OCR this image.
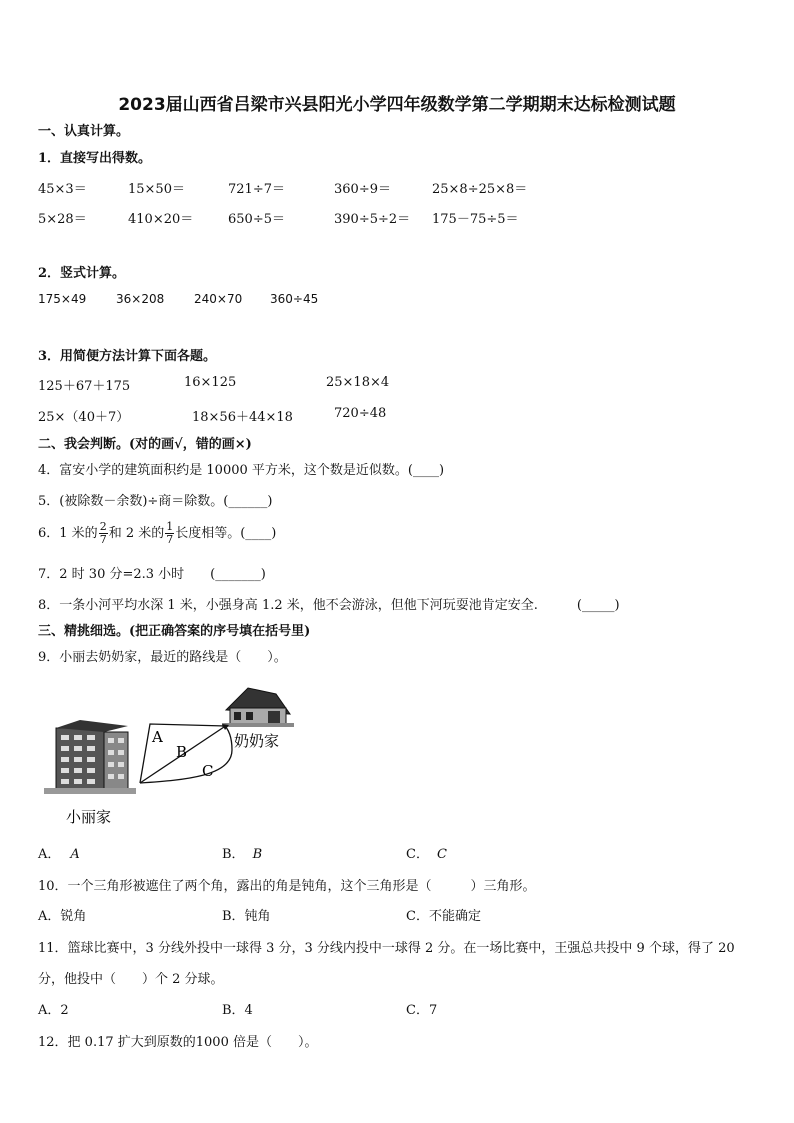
2023届山西省吕梁市兴县阳光小学四年级数学第二学期期末达标检测试题
一、认真计算。
1．直接写出得数。
45×3＝	15×50＝	721÷7＝	360÷9＝	25×8÷25×8＝
5×28＝	410×20＝	650÷5＝	390÷5÷2＝ 175－75÷5＝
2．竖式计算。
175×49 36×208 240×70 360÷45
3．用简便方法计算下面各题。
125＋67＋175	16×125	25×18×4
25×（40＋7）	18×56＋44×18	720÷48
二、我会判断。(对的画√，错的画×)
4．富安小学的建筑面积约是 10000 平方米，这个数是近似数。(____)
5．(被除数－余数)÷商＝除数。(______)
6．1 米的 $\frac{2}{7}$ 和 2 米的 $\frac{1}{7}$ 长度相等。(____)
7．2 时 30 分=2.3 小时　　(_______)
8．一条小河平均水深 1 米，小强身高 1.2 米，他不会游泳，但他下河玩耍池肯定安全.　　　(_____)
三、精挑细选。(把正确答案的序号填在括号里)
9．小丽去奶奶家，最近的路线是（　　）。
A
B
C
奶奶家
小丽家
A． A	B． B	C． C
10．一个三角形被遮住了两个角，露出的角是钝角，这个三角形是（　　　）三角形。
A．锐角	B．钝角	C．不能确定
11．篮球比赛中，3 分线外投中一球得 3 分，3 分线内投中一球得 2 分。在一场比赛中，王强总共投中 9 个球，得了 20
分，他投中（　　）个 2 分球。
A．2	B．4	C．7
12．把 0.17 扩大到原数的1000 倍是（　　）。
